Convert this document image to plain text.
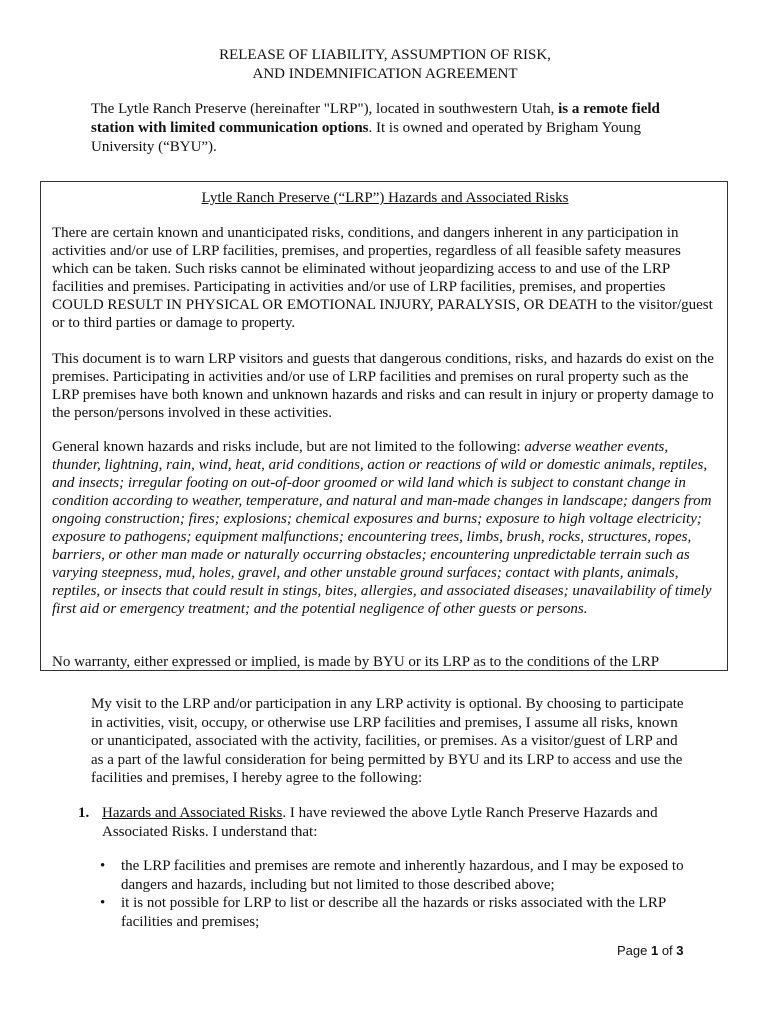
RELEASE OF LIABILITY, ASSUMPTION OF RISK,
AND INDEMNIFICATION AGREEMENT
The Lytle Ranch Preserve (hereinafter "LRP"), located in southwestern Utah, is a remote field station with limited communication options. It is owned and operated by Brigham Young University (“BYU”).
Lytle Ranch Preserve (“LRP”) Hazards and Associated Risks
There are certain known and unanticipated risks, conditions, and dangers inherent in any participation in activities and/or use of LRP facilities, premises, and properties, regardless of all feasible safety measures which can be taken. Such risks cannot be eliminated without jeopardizing access to and use of the LRP facilities and premises. Participating in activities and/or use of LRP facilities, premises, and properties COULD RESULT IN PHYSICAL OR EMOTIONAL INJURY, PARALYSIS, OR DEATH to the visitor/guest or to third parties or damage to property.
This document is to warn LRP visitors and guests that dangerous conditions, risks, and hazards do exist on the premises. Participating in activities and/or use of LRP facilities and premises on rural property such as the LRP premises have both known and unknown hazards and risks and can result in injury or property damage to the person/persons involved in these activities.
General known hazards and risks include, but are not limited to the following: adverse weather events, thunder, lightning, rain, wind, heat, arid conditions, action or reactions of wild or domestic animals, reptiles, and insects; irregular footing on out-of-door groomed or wild land which is subject to constant change in condition according to weather, temperature, and natural and man-made changes in landscape; dangers from ongoing construction; fires; explosions; chemical exposures and burns; exposure to high voltage electricity; exposure to pathogens; equipment malfunctions; encountering trees, limbs, brush, rocks, structures, ropes, barriers, or other man made or naturally occurring obstacles; encountering unpredictable terrain such as varying steepness, mud, holes, gravel, and other unstable ground surfaces; contact with plants, animals, reptiles, or insects that could result in stings, bites, allergies, and associated diseases; unavailability of timely first aid or emergency treatment; and the potential negligence of other guests or persons.
No warranty, either expressed or implied, is made by BYU or its LRP as to the conditions of the LRP
My visit to the LRP and/or participation in any LRP activity is optional. By choosing to participate in activities, visit, occupy, or otherwise use LRP facilities and premises, I assume all risks, known or unanticipated, associated with the activity, facilities, or premises. As a visitor/guest of LRP and as a part of the lawful consideration for being permitted by BYU and its LRP to access and use the facilities and premises, I hereby agree to the following:
1. Hazards and Associated Risks. I have reviewed the above Lytle Ranch Preserve Hazards and Associated Risks. I understand that:
• the LRP facilities and premises are remote and inherently hazardous, and I may be exposed to dangers and hazards, including but not limited to those described above;
• it is not possible for LRP to list or describe all the hazards or risks associated with the LRP facilities and premises;
Page 1 of 3
